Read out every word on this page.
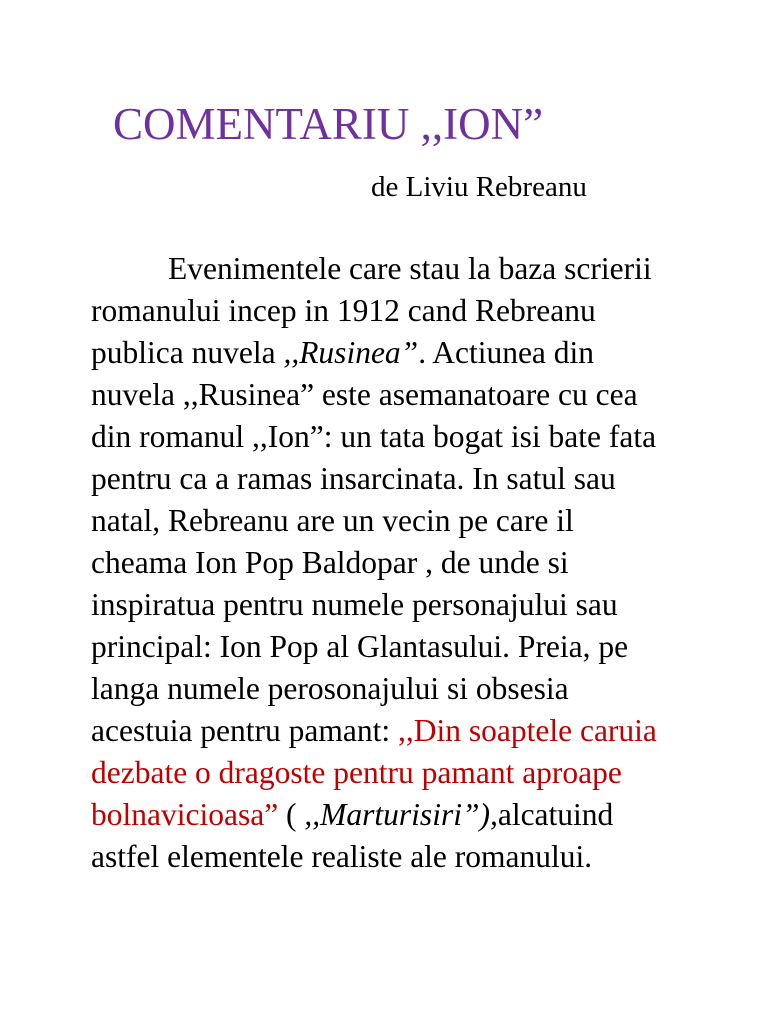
COMENTARIU ,,ION”
de Liviu Rebreanu
Evenimentele care stau la baza scrierii
romanului incep in 1912 cand Rebreanu
publica nuvela ,,Rusinea”. Actiunea din
nuvela ,,Rusinea” este asemanatoare cu cea
din romanul ,,Ion”: un tata bogat isi bate fata
pentru ca a ramas insarcinata. In satul sau
natal, Rebreanu are un vecin pe care il
cheama Ion Pop Baldopar , de unde si
inspiratua pentru numele personajului sau
principal: Ion Pop al Glantasului. Preia, pe
langa numele perosonajului si obsesia
acestuia pentru pamant: ,,Din soaptele caruia
dezbate o dragoste pentru pamant aproape
bolnavicioasa” ( ,,Marturisiri”),alcatuind
astfel elementele realiste ale romanului.
